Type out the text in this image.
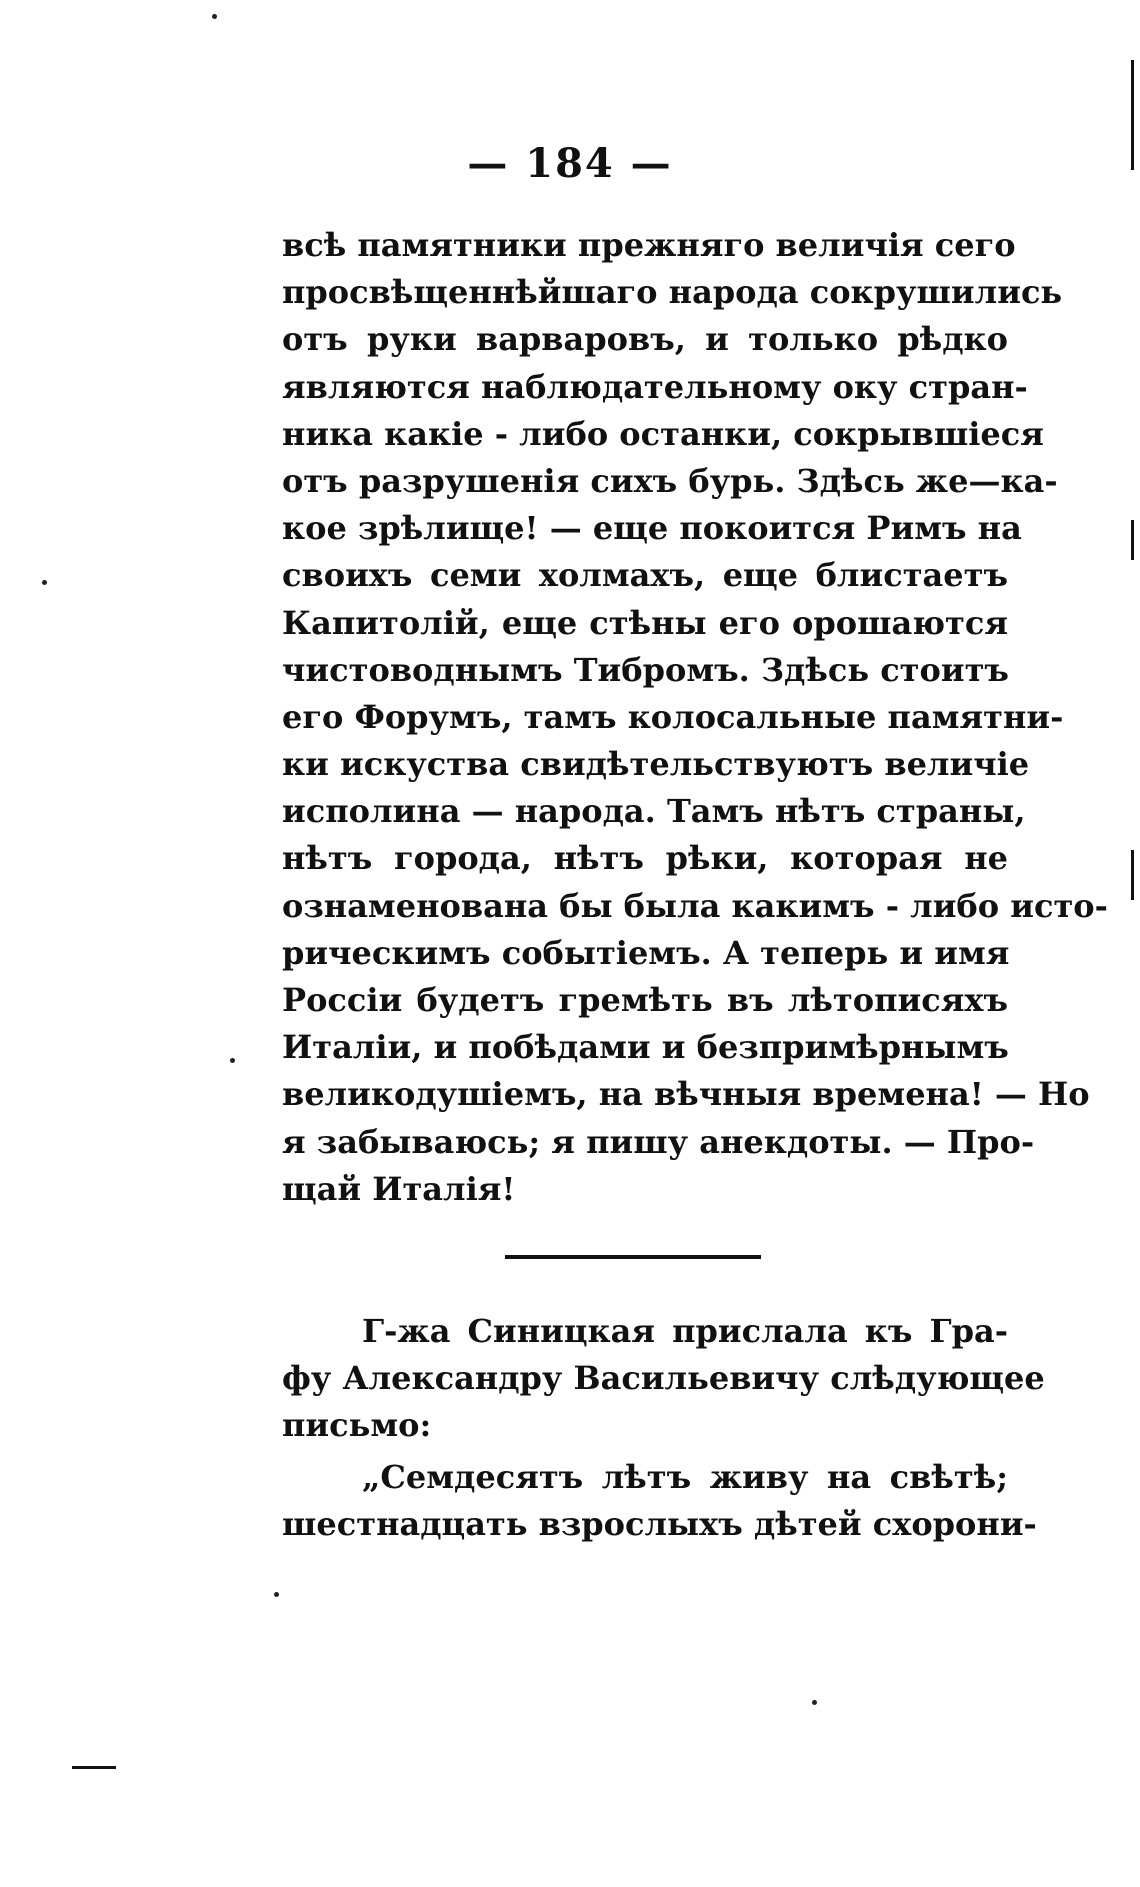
— 184 —
всѣ памятники прежняго величія сего
просвѣщеннѣйшаго народа сокрушились
отъ руки варваровъ, и только рѣдко
являются наблюдательному оку стран-
ника какіе - либо останки, сокрывшіеся
отъ разрушенія сихъ бурь. Здѣсь же—ка-
кое зрѣлище! — еще покоится Римъ на
своихъ семи холмахъ, еще блистаетъ
Капитолій, еще стѣны его орошаются
чистоводнымъ Тибромъ. Здѣсь стоитъ
его Форумъ, тамъ колосальные памятни-
ки искуства свидѣтельствуютъ величіе
исполина — народа. Тамъ нѣтъ страны,
нѣтъ города, нѣтъ рѣки, которая не
ознаменована бы была какимъ - либо исто-
рическимъ событіемъ. А теперь и имя
Россіи будетъ гремѣть въ лѣтописяхъ
Италіи, и побѣдами и безпримѣрнымъ
великодушіемъ, на вѣчныя времена! — Но
я забываюсь; я пишу анекдоты. — Про-
щай Италія!
Г-жа Синицкая прислала къ Гра-
фу Александру Васильевичу слѣдующее
письмо:
„Семдесятъ лѣтъ живу на свѣтѣ;
шестнадцать взрослыхъ дѣтей схорони-
